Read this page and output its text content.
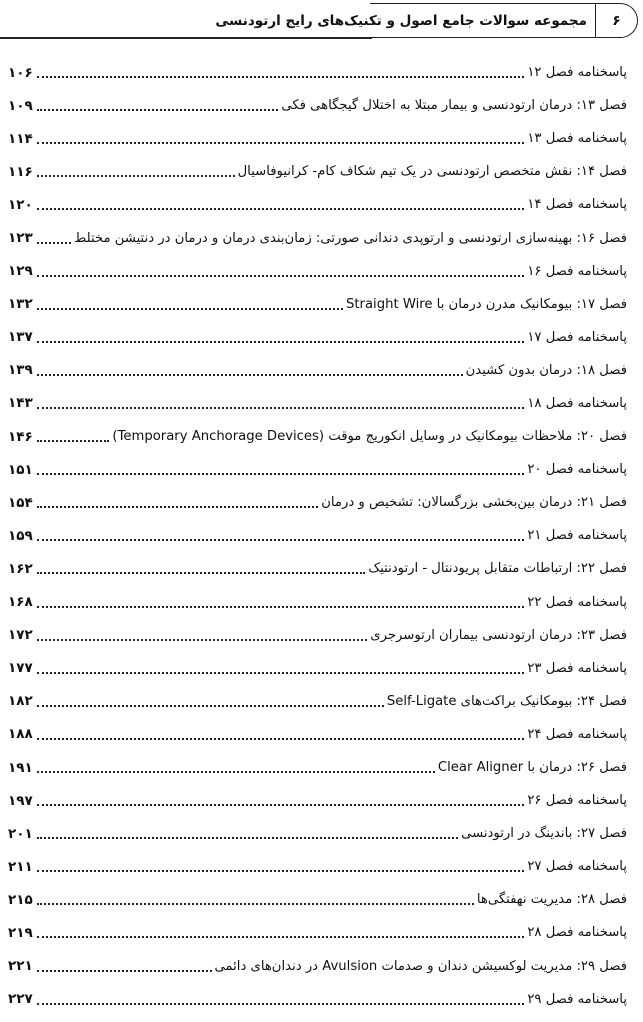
۶
مجموعه سوالات جامع اصول و تکنیک‌های رایج ارتودنسی
پاسخنامه فصل ۱۲
۱۰۶
فصل ۱۳: درمان ارتودنسی و بیمار مبتلا به اختلال گیجگاهی فکی
۱۰۹
پاسخنامه فصل ۱۳
۱۱۴
فصل ۱۴: نقش متخصص ارتودنسی در یک تیم شکاف کام- کرانیوفاسیال
۱۱۶
پاسخنامه فصل ۱۴
۱۲۰
فصل ۱۶: بهینه‌سازی ارتودنسی و ارتوپدی دندانی صورتی: زمان‌بندی درمان و درمان در دنتیشن مختلط
۱۲۳
پاسخنامه فصل ۱۶
۱۲۹
فصل ۱۷: بیومکانیک مدرن درمان با Straight Wire
۱۳۲
پاسخنامه فصل ۱۷
۱۳۷
فصل ۱۸: درمان بدون کشیدن
۱۳۹
پاسخنامه فصل ۱۸
۱۴۳
فصل ۲۰: ملاحظات بیومکانیک در وسایل انکوریج موقت (Temporary Anchorage Devices)
۱۴۶
پاسخنامه فصل ۲۰
۱۵۱
فصل ۲۱: درمان بین‌بخشی بزرگسالان: تشخیص و درمان
۱۵۴
پاسخنامه فصل ۲۱
۱۵۹
فصل ۲۲: ارتباطات متقابل پریودنتال - ارتودنتیک
۱۶۲
پاسخنامه فصل ۲۲
۱۶۸
فصل ۲۳: درمان ارتودنسی بیماران ارتوسرجری
۱۷۲
پاسخنامه فصل ۲۳
۱۷۷
فصل ۲۴: بیومکانیک براکت‌های Self-Ligate
۱۸۲
پاسخنامه فصل ۲۴
۱۸۸
فصل ۲۶: درمان با Clear Aligner
۱۹۱
پاسخنامه فصل ۲۶
۱۹۷
فصل ۲۷: باندینگ در ارتودنسی
۲۰۱
پاسخنامه فصل ۲۷
۲۱۱
فصل ۲۸: مدیریت نهفتگی‌ها
۲۱۵
پاسخنامه فصل ۲۸
۲۱۹
فصل ۲۹: مدیریت لوکسیشن دندان و صدمات Avulsion در دندان‌های دائمی
۲۲۱
پاسخنامه فصل ۲۹
۲۲۷
